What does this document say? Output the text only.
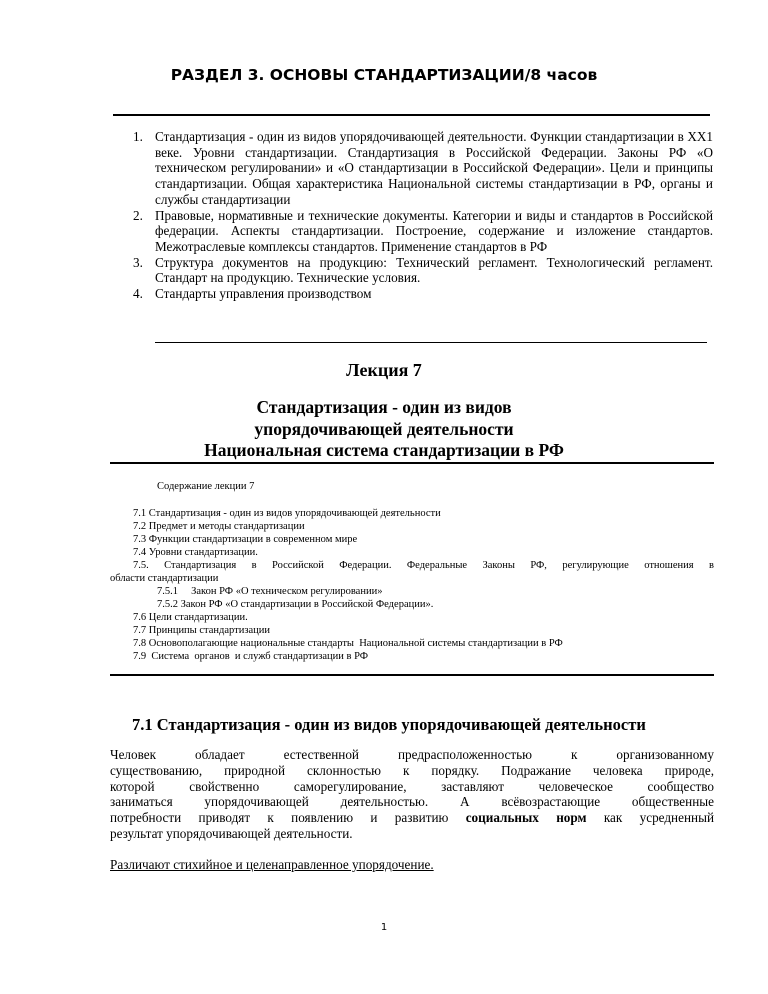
РАЗДЕЛ 3. ОСНОВЫ СТАНДАРТИЗАЦИИ/8 часов
1. Стандартизация - один из видов упорядочивающей деятельности. Функции стандартизации в XX1 веке. Уровни стандартизации. Стандартизация в Российской Федерации. Законы РФ «О техническом регулировании» и «О стандартизации в Российской Федерации». Цели и принципы стандартизации. Общая характеристика Национальной системы стандартизации в РФ, органы и службы стандартизации
2. Правовые, нормативные и технические документы. Категории и виды и стандартов в Российской федерации. Аспекты стандартизации. Построение, содержание и изложение стандартов. Межотраслевые комплексы стандартов. Применение стандартов в РФ
3. Структура документов на продукцию: Технический регламент. Технологический регламент. Стандарт на продукцию. Технические условия.
4. Стандарты управления производством
Лекция 7
Стандартизация - один из видов
упорядочивающей деятельности
Национальная система стандартизации в РФ
Содержание лекции 7
7.1 Стандартизация - один из видов упорядочивающей деятельности
7.2 Предмет и методы стандартизации
7.3 Функции стандартизации в современном мире
7.4 Уровни стандартизации.
7.5. Стандартизация в Российской Федерации. Федеральные Законы РФ, регулирующие отношения в
области стандартизации
7.5.1     Закон РФ «О техническом регулировании»
7.5.2 Закон РФ «О стандартизации в Российской Федерации».
7.6 Цели стандартизации.
7.7 Принципы стандартизации
7.8 Основополагающие национальные стандарты  Национальной системы стандартизации в РФ
7.9  Система  органов  и служб стандартизации в РФ
7.1 Стандартизация - один из видов упорядочивающей деятельности
Человек обладает естественной предрасположенностью к организованному
существованию, природной склонностью к порядку. Подражание человека природе,
которой свойственно саморегулирование, заставляют человеческое сообщество
заниматься упорядочивающей деятельностью. А всёвозрастающие общественные
потребности приводят к появлению и развитию социальных норм как усредненный
результат упорядочивающей деятельности.
Различают стихийное и целенаправленное упорядочение.
1
